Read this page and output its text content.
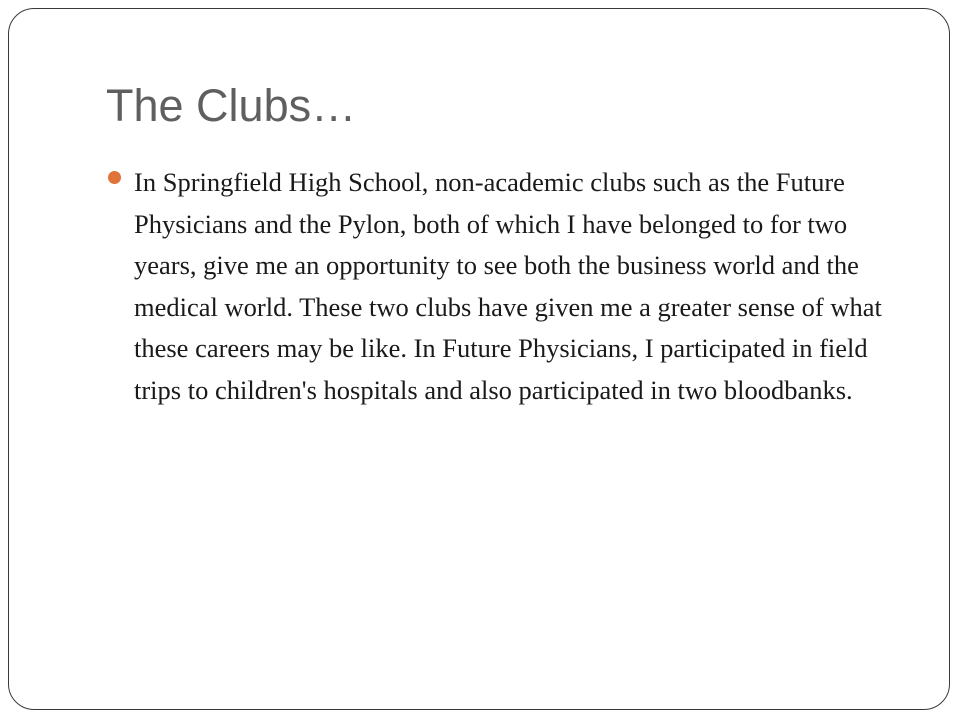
The Clubs…

In Springfield High School, non-academic clubs such as the Future Physicians and the Pylon, both of which I have belonged to for two years, give me an opportunity to see both the business world and the medical world. These two clubs have given me a greater sense of what these careers may be like. In Future Physicians, I participated in field trips to children's hospitals and also participated in two bloodbanks.
